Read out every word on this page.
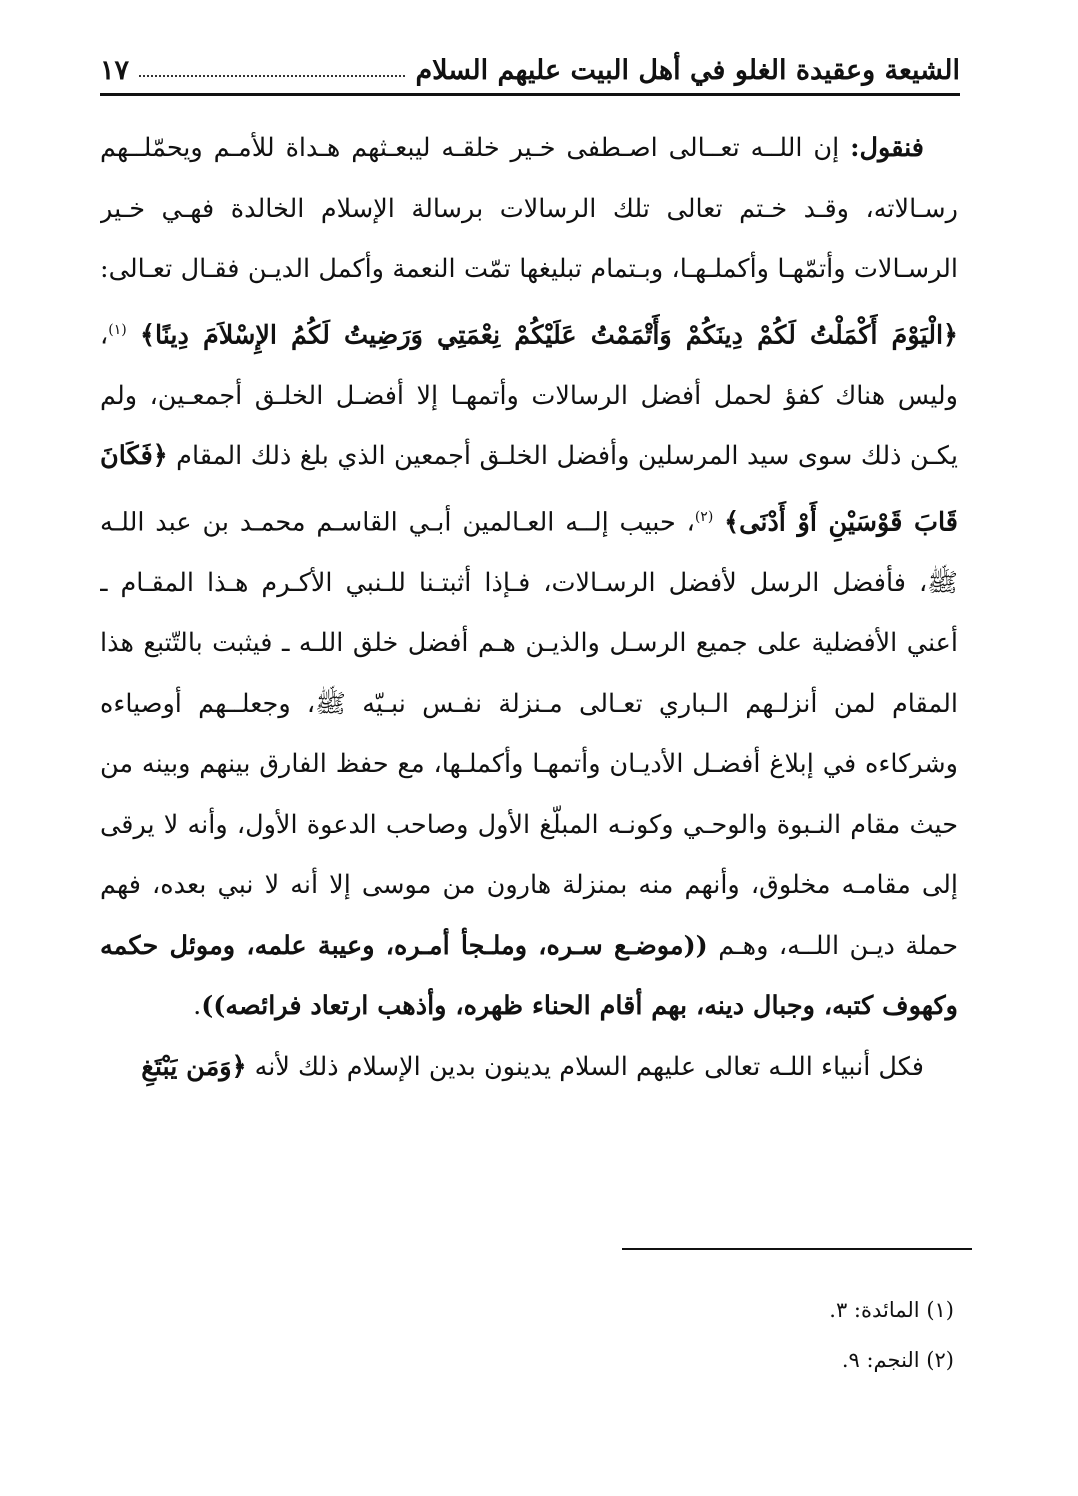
الشيعة وعقيدة الغلو في أهل البيت عليهم السلام
١٧

فنقول: إن اللــه تعــالى اصـطفى خـير خلقـه ليبعـثهم هـداة للأمـم ويحمّلــهم رسـالاته، وقـد خـتم تعالى تلك الرسالات برسالة الإسلام الخالدة فهـي خـير الرسـالات وأتمّهـا وأكملـهـا، وبـتمام تبليغها تمّت النعمة وأكمل الديـن فقـال تعـالى: ﴿الْيَوْمَ أَكْمَلْتُ لَكُمْ دِينَكُمْ وَأَتْمَمْتُ عَلَيْكُمْ نِعْمَتِي وَرَضِيتُ لَكُمُ الإِسْلاَمَ دِينًا﴾ $^{(١)}$، وليس هناك كفؤ لحمل أفضل الرسالات وأتمهـا إلا أفضـل الخلـق أجمعـين، ولم يكـن ذلك سوى سيد المرسلين وأفضل الخلـق أجمعين الذي بلغ ذلك المقام ﴿فَكَانَ قَابَ قَوْسَيْنِ أَوْ أَدْنَى﴾ $^{(٢)}$، حبيب إلــه العـالمين أبـي القاسـم محمـد بن عبد اللـه ﷺ، فأفضل الرسل لأفضل الرسـالات، فـإذا أثبتـنا للـنبي الأكـرم هـذا المقـام ـ أعني الأفضلية على جميع الرسـل والذيـن هـم أفضل خلق اللـه ـ فيثبت بالتّتبع هذا المقام لمن أنزلـهم الـباري تعـالى مـنزلة نفـس نبـيّه ﷺ، وجعلــهم أوصياءه وشركاءه في إبلاغ أفضـل الأديـان وأتمهـا وأكملـها، مع حفظ الفارق بينهم وبينه من حيث مقام النـبوة والوحـي وكونـه المبلّغ الأول وصاحب الدعوة الأول، وأنه لا يرقى إلى مقامـه مخلوق، وأنهم منه بمنزلة هارون من موسى إلا أنه لا نبي بعده، فهم حملة ديـن اللــه، وهـم ((موضـع سـره، وملـجأ أمـره، وعيبة علمه، وموئل حكمه وكهوف كتبه، وجبال دينه، بهم أقام الحناء ظهره، وأذهب ارتعاد فرائصه)).

فكل أنبياء اللـه تعالى عليهم السلام يدينون بدين الإسلام ذلك لأنه ﴿وَمَن يَبْتَغِ

(١) المائدة: ٣.
(٢) النجم: ٩.
